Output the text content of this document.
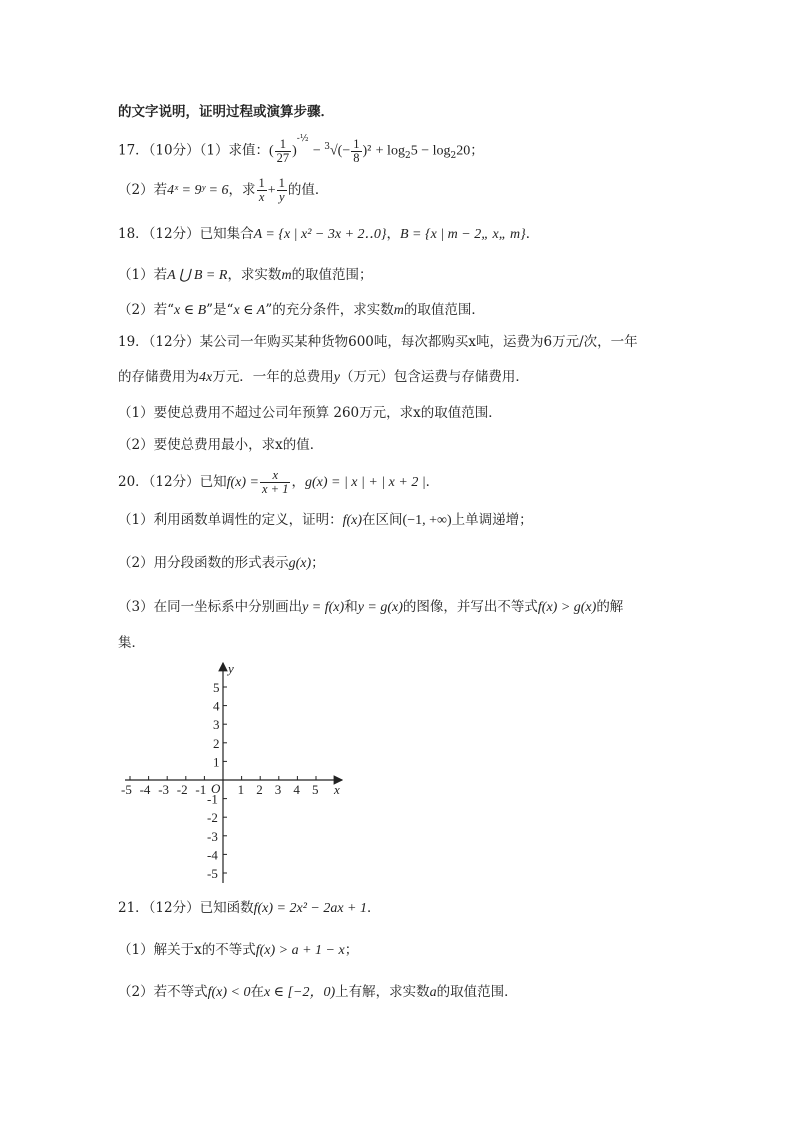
的文字说明，证明过程或演算步骤．
17．（10分）（1）求值：( $\frac{1}{27} )^{-\frac{1}{2}} - ^3√(- \frac{1}{8} )^2 + \log_25 - \log_220$；
（2）若4ˣ = 9ʸ = 6，求 $\frac{1}{x} + \frac{1}{y}$ 的值．
18．（12分）已知集合A = {x | x² − 3x + 2‥0}，B = {x | m − 2„ x„ m}．
（1）若A ⋃ B = R，求实数m的取值范围；
（2）若“x ∈ B”是“x ∈ A”的充分条件，求实数m的取值范围．
19．（12分）某公司一年购买某种货物600吨，每次都购买x吨，运费为6万元/次，一年
的存储费用为4x万元．一年的总费用y（万元）包含运费与存储费用．
（1）要使总费用不超过公司年预算 260万元，求x的取值范围．
（2）要使总费用最小，求x的值．
20．（12分）已知$f(x) = \frac{x}{x + 1}$ ，g(x) = | x | + | x + 2 |．
（1）利用函数单调性的定义，证明：f(x)在区间(−1, +∞)上单调递增；
（2）用分段函数的形式表示g(x)；
（3）在同一坐标系中分别画出y = f(x)和y = g(x)的图像，并写出不等式f(x) > g(x)的解
集．
x
y
O
-5 -4 -3 -2 -1 1 2 3 4 5
5
4
3
2
1
-1
-2
-3
-4
-5
21．（12分）已知函数f(x) = 2x² − 2ax + 1．
（1）解关于x的不等式f(x) > a + 1 − x；
（2）若不等式f(x) < 0在x ∈ [−2，0)上有解，求实数a的取值范围．
